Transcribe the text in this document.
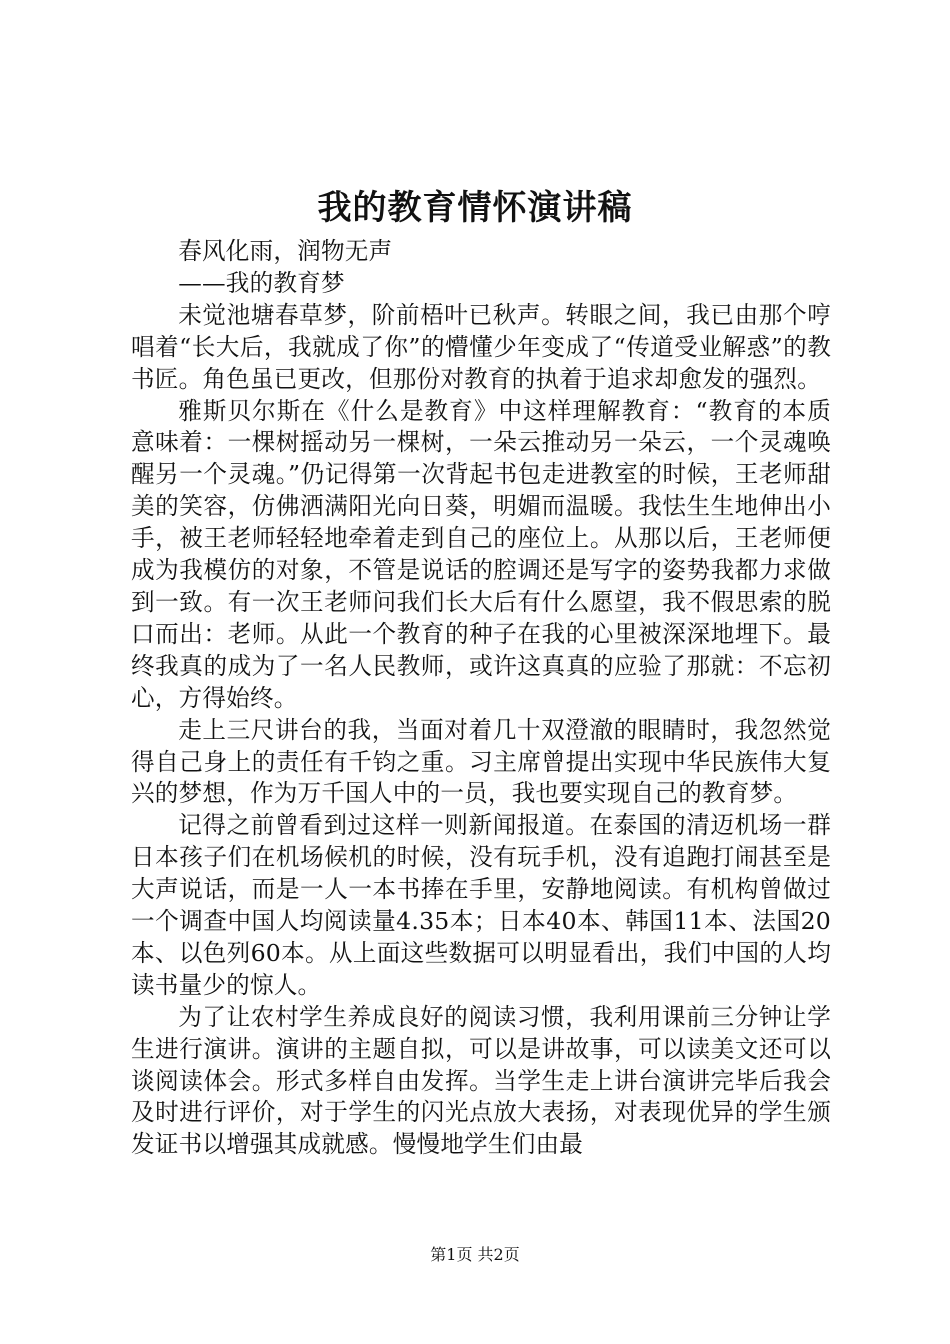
我的教育情怀演讲稿

春风化雨，润物无声

——我的教育梦

未觉池塘春草梦，阶前梧叶已秋声。转眼之间，我已由那个哼唱着“长大后，我就成了你”的懵懂少年变成了“传道受业解惑”的教书匠。角色虽已更改，但那份对教育的执着于追求却愈发的强烈。

雅斯贝尔斯在《什么是教育》中这样理解教育：“教育的本质意味着：一棵树摇动另一棵树，一朵云推动另一朵云，一个灵魂唤醒另一个灵魂。”仍记得第一次背起书包走进教室的时候，王老师甜美的笑容，仿佛洒满阳光向日葵，明媚而温暖。我怯生生地伸出小手，被王老师轻轻地牵着走到自己的座位上。从那以后，王老师便成为我模仿的对象，不管是说话的腔调还是写字的姿势我都力求做到一致。有一次王老师问我们长大后有什么愿望，我不假思索的脱口而出：老师。从此一个教育的种子在我的心里被深深地埋下。最终我真的成为了一名人民教师，或许这真真的应验了那就：不忘初心，方得始终。

走上三尺讲台的我，当面对着几十双澄澈的眼睛时，我忽然觉得自己身上的责任有千钧之重。习主席曾提出实现中华民族伟大复兴的梦想，作为万千国人中的一员，我也要实现自己的教育梦。

记得之前曾看到过这样一则新闻报道。在泰国的清迈机场一群日本孩子们在机场候机的时候，没有玩手机，没有追跑打闹甚至是大声说话，而是一人一本书捧在手里，安静地阅读。有机构曾做过一个调查中国人均阅读量4.35本；日本40本、韩国11本、法国20本、以色列60本。从上面这些数据可以明显看出，我们中国的人均读书量少的惊人。

为了让农村学生养成良好的阅读习惯，我利用课前三分钟让学生进行演讲。演讲的主题自拟，可以是讲故事，可以读美文还可以谈阅读体会。形式多样自由发挥。当学生走上讲台演讲完毕后我会及时进行评价，对于学生的闪光点放大表扬，对表现优异的学生颁发证书以增强其成就感。慢慢地学生们由最

第1页 共2页
